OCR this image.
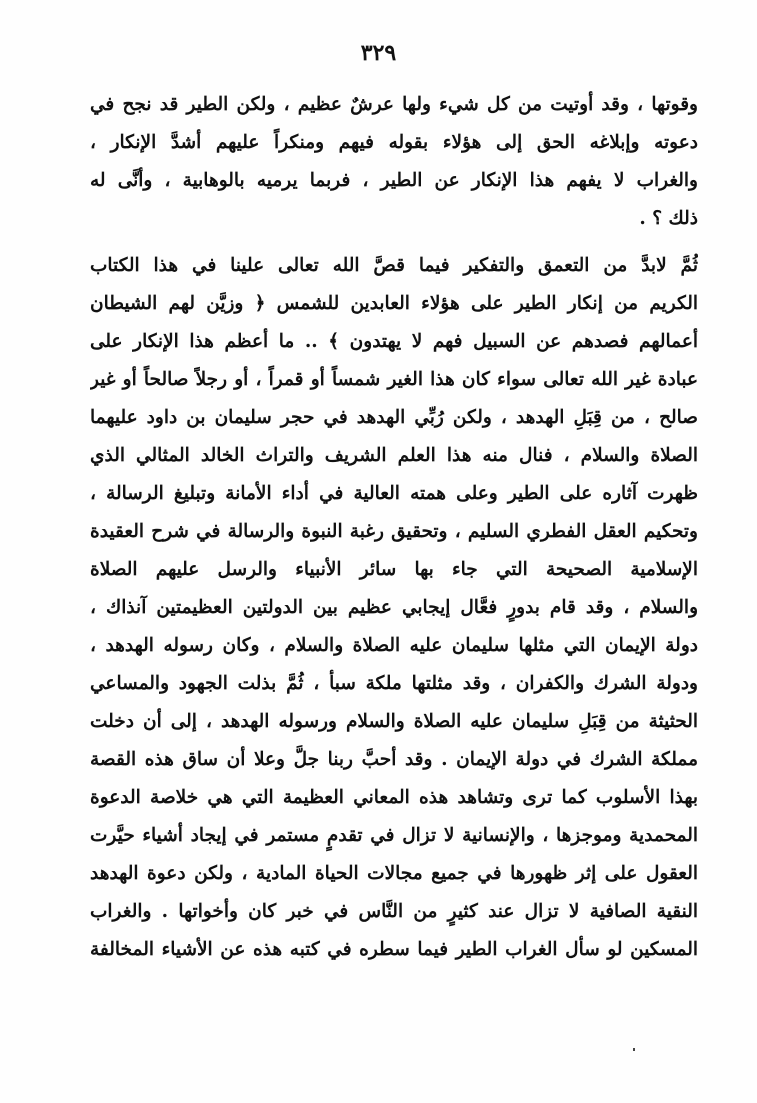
٣٢٩
وقوتها ، وقد أوتيت من كل شيء ولها عرشٌ عظيم ، ولكن الطير قد نجح في
دعوته وإبلاغه الحق إلى هؤلاء بقوله فيهم ومنكراً عليهم أشدَّ الإنكار ،
والغراب لا يفهم هذا الإنكار عن الطير ، فربما يرميه بالوهابية ، وأنَّى له
ذلك ؟ .
ثُمَّ لابدَّ من التعمق والتفكير فيما قصَّ الله تعالى علينا في هذا الكتاب
الكريم من إنكار الطير على هؤلاء العابدين للشمس ﴿ وزيَّن لهم الشيطان
أعمالهم فصدهم عن السبيل فهم لا يهتدون ﴾ .. ما أعظم هذا الإنكار على
عبادة غير الله تعالى سواء كان هذا الغير شمساً أو قمراً ، أو رجلاً صالحاً أو غير
صالح ، من قِبَلِ الهدهد ، ولكن رُبِّي الهدهد في حجر سليمان بن داود عليهما
الصلاة والسلام ، فنال منه هذا العلم الشريف والتراث الخالد المثالي الذي
ظهرت آثاره على الطير وعلى همته العالية في أداء الأمانة وتبليغ الرسالة ،
وتحكيم العقل الفطري السليم ، وتحقيق رغبة النبوة والرسالة في شرح العقيدة
الإسلامية الصحيحة التي جاء بها سائر الأنبياء والرسل عليهم الصلاة
والسلام ، وقد قام بدورٍ فعَّال إيجابي عظيم بين الدولتين العظيمتين آنذاك ،
دولة الإيمان التي مثلها سليمان عليه الصلاة والسلام ، وكان رسوله الهدهد ،
ودولة الشرك والكفران ، وقد مثلتها ملكة سبأ ، ثُمَّ بذلت الجهود والمساعي
الحثيثة من قِبَلِ سليمان عليه الصلاة والسلام ورسوله الهدهد ، إلى أن دخلت
مملكة الشرك في دولة الإيمان . وقد أحبَّ ربنا جلَّ وعلا أن ساق هذه القصة
بهذا الأسلوب كما ترى وتشاهد هذه المعاني العظيمة التي هي خلاصة الدعوة
المحمدية وموجزها ، والإنسانية لا تزال في تقدمٍ مستمر في إيجاد أشياء حيَّرت
العقول على إثر ظهورها في جميع مجالات الحياة المادية ، ولكن دعوة الهدهد
النقية الصافية لا تزال عند كثيرٍ من النَّاس في خبر كان وأخواتها . والغراب
المسكين لو سأل الغراب الطير فيما سطره في كتبه هذه عن الأشياء المخالفة
